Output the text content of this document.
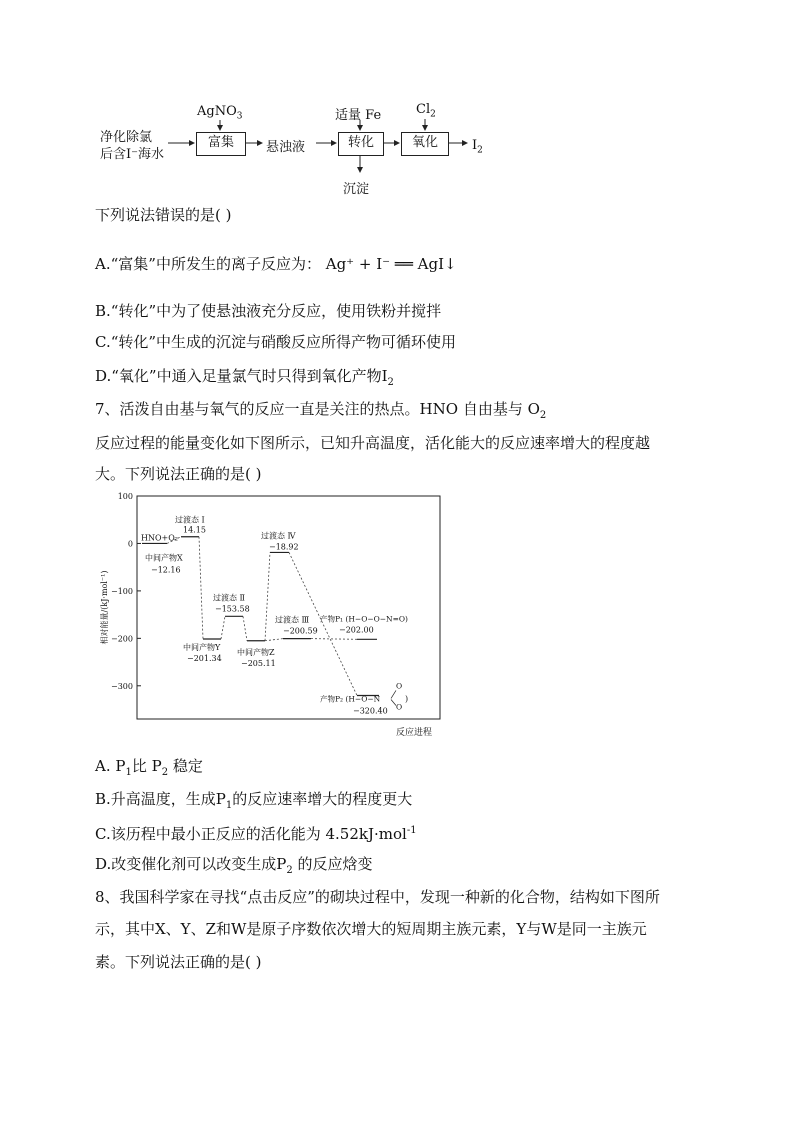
净化除氯
后含I⁻海水
AgNO$_3$
富集	悬浊液
适量 Fe
转化
沉淀
$Cl_2$
氧化	$I_2$
下列说法错误的是( )
A.“富集”中所发生的离子反应为： Ag⁺ + I⁻ ══ AgI↓
B.“转化”中为了使悬浊液充分反应，使用铁粉并搅拌
C.“转化”中生成的沉淀与硝酸反应所得产物可循环使用
D.“氧化”中通入足量氯气时只得到氧化产物$I_2$
7、活泼自由基与氧气的反应一直是关注的热点。HNO 自由基与 $O_2$
反应过程的能量变化如下图所示，已知升高温度，活化能大的反应速率增大的程度越
大。下列说法正确的是( )
100
0
−100
−200
−300
相对能量/(kJ·mol⁻¹)
反应进程
HNO+O₂
过渡态 Ⅰ
14.15
中间产物X
−12.16
过渡态 Ⅱ
−153.58
中间产物Y
−201.34
中间产物Z
−205.11
过渡态 Ⅲ
−200.59
产物P₁ (H−O−O−N=O)
−202.00
过渡态 Ⅳ
−18.92
产物P₂ (H−O−N
O
O
)
−320.40
A. $P_1$比 $P_2$ 稳定
B.升高温度，生成$P_1$的反应速率增大的程度更大
C.该历程中最小正反应的活化能为 4.52kJ·mol$^{-1}$
D.改变催化剂可以改变生成$P_2$ 的反应焓变
8、我国科学家在寻找“点击反应”的砌块过程中，发现一种新的化合物，结构如下图所
示，其中X、Y、Z和W是原子序数依次增大的短周期主族元素，Y与W是同一主族元
素。下列说法正确的是( )
